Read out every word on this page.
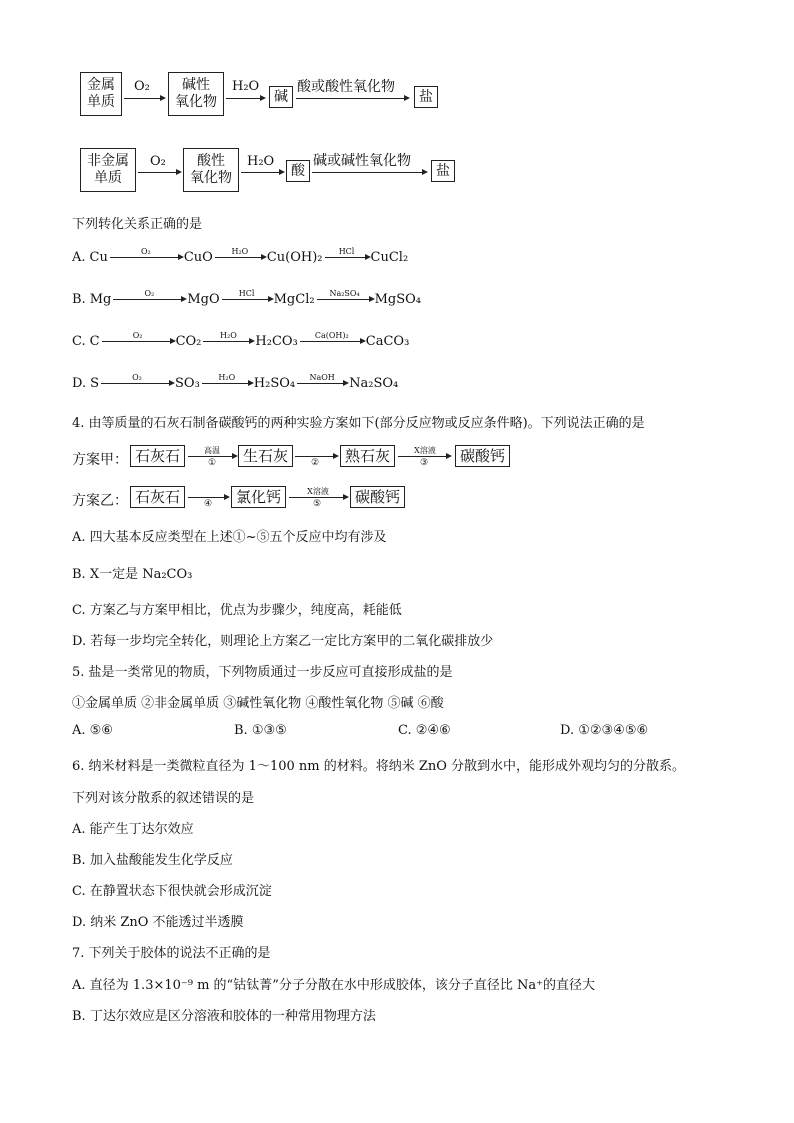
金属
单质
O₂	碱性
氧化物
H₂O
碱
酸或酸性氧化物
盐
非金属
单质
O₂	酸性
氧化物
H₂O
酸
碱或碱性氧化物
盐
下列转化关系正确的是
A. Cu	O₂	CuO	H₂O	Cu(OH)₂	HCl	CuCl₂
B. Mg	O₂	MgO	HCl	MgCl₂	Na₂SO₄	MgSO₄
C. C	O₂	CO₂	H₂O	H₂CO₃	Ca(OH)₂	CaCO₃
D. S	O₂	SO₃	H₂O	H₂SO₄	NaOH	Na₂SO₄
4. 由等质量的石灰石制备碳酸钙的两种实验方案如下(部分反应物或反应条件略)。下列说法正确的是
方案甲： 石灰石	高温
①	生石灰	②	熟石灰	X溶液
③	碳酸钙
方案乙： 石灰石	④	氯化钙	X溶液
⑤	碳酸钙
A. 四大基本反应类型在上述①~⑤五个反应中均有涉及
B. X一定是 Na₂CO₃
C. 方案乙与方案甲相比，优点为步骤少，纯度高，耗能低
D. 若每一步均完全转化，则理论上方案乙一定比方案甲的二氧化碳排放少
5. 盐是一类常见的物质，下列物质通过一步反应可直接形成盐的是
①金属单质 ②非金属单质 ③碱性氧化物 ④酸性氧化物 ⑤碱 ⑥酸
A. ⑤⑥	B. ①③⑤	C. ②④⑥	D. ①②③④⑤⑥
6. 纳米材料是一类微粒直径为 1～100 nm 的材料。将纳米 ZnO 分散到水中，能形成外观均匀的分散系。
下列对该分散系的叙述错误的是
A. 能产生丁达尔效应
B. 加入盐酸能发生化学反应
C. 在静置状态下很快就会形成沉淀
D. 纳米 ZnO 不能透过半透膜
7. 下列关于胶体的说法不正确的是
A. 直径为 1.3×10⁻⁹ m 的“钴钛菁”分子分散在水中形成胶体，该分子直径比 Na⁺的直径大
B. 丁达尔效应是区分溶液和胶体的一种常用物理方法
